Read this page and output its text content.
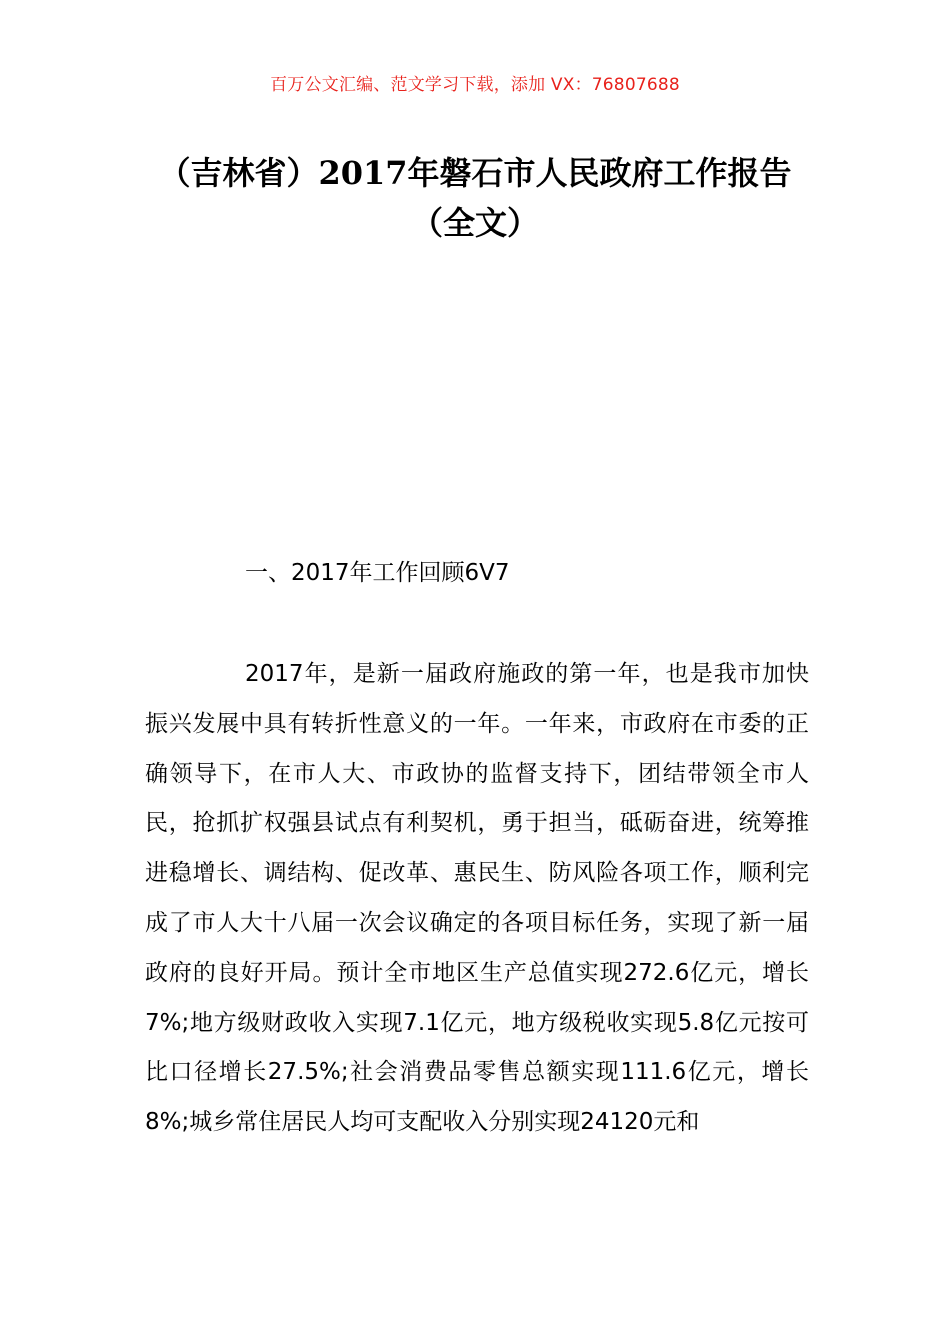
百万公文汇编、范文学习下载，添加 VX：76807688
（吉林省）2017年磐石市人民政府工作报告（全文）
一、2017年工作回顾6V7

2017年，是新一届政府施政的第一年，也是我市加快振兴发展中具有转折性意义的一年。一年来，市政府在市委的正确领导下，在市人大、市政协的监督支持下，团结带领全市人民，抢抓扩权强县试点有利契机，勇于担当，砥砺奋进，统筹推进稳增长、调结构、促改革、惠民生、防风险各项工作，顺利完成了市人大十八届一次会议确定的各项目标任务，实现了新一届政府的良好开局。预计全市地区生产总值实现272.6亿元，增长7%;地方级财政收入实现7.1亿元，地方级税收实现5.8亿元按可比口径增长27.5%;社会消费品零售总额实现111.6亿元，增长8%;城乡常住居民人均可支配收入分别实现24120元和
